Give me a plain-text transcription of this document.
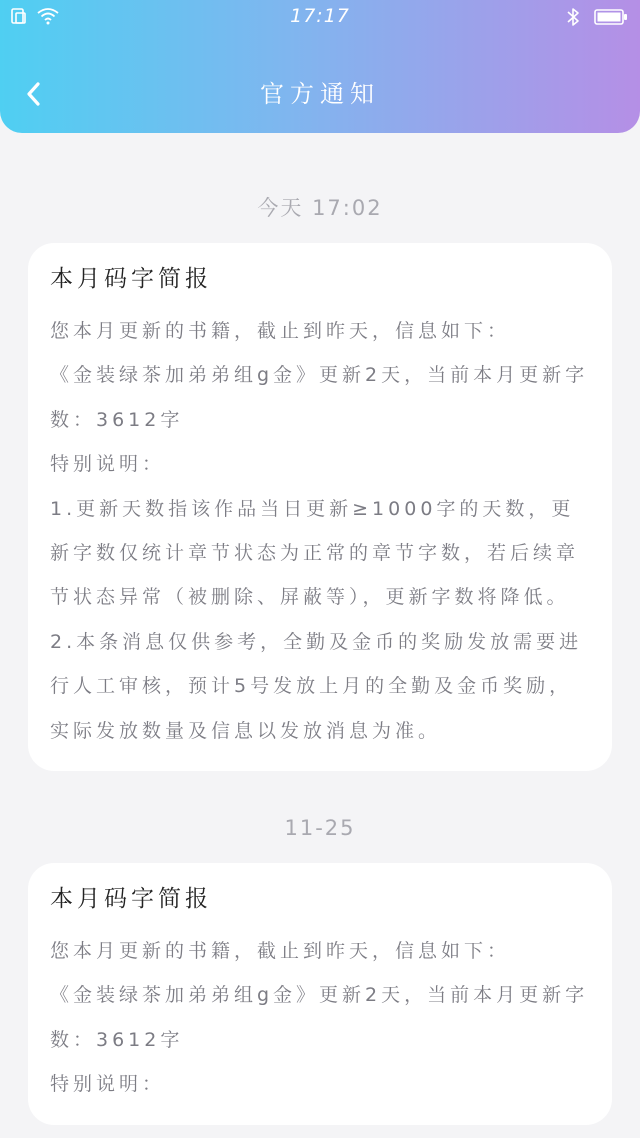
17:17
官方通知
今天 17:02
本月码字简报

您本月更新的书籍，截止到昨天，信息如下：

《金装绿茶加弟弟组g金》更新2天，当前本月更新字数：3612字

特别说明：

1.更新天数指该作品当日更新≥1000字的天数，更新字数仅统计章节状态为正常的章节字数，若后续章节状态异常（被删除、屏蔽等），更新字数将降低。

2.本条消息仅供参考，全勤及金币的奖励发放需要进行人工审核，预计5号发放上月的全勤及金币奖励，实际发放数量及信息以发放消息为准。

11-25
本月码字简报

您本月更新的书籍，截止到昨天，信息如下：

《金装绿茶加弟弟组g金》更新2天，当前本月更新字数：3612字

特别说明：
